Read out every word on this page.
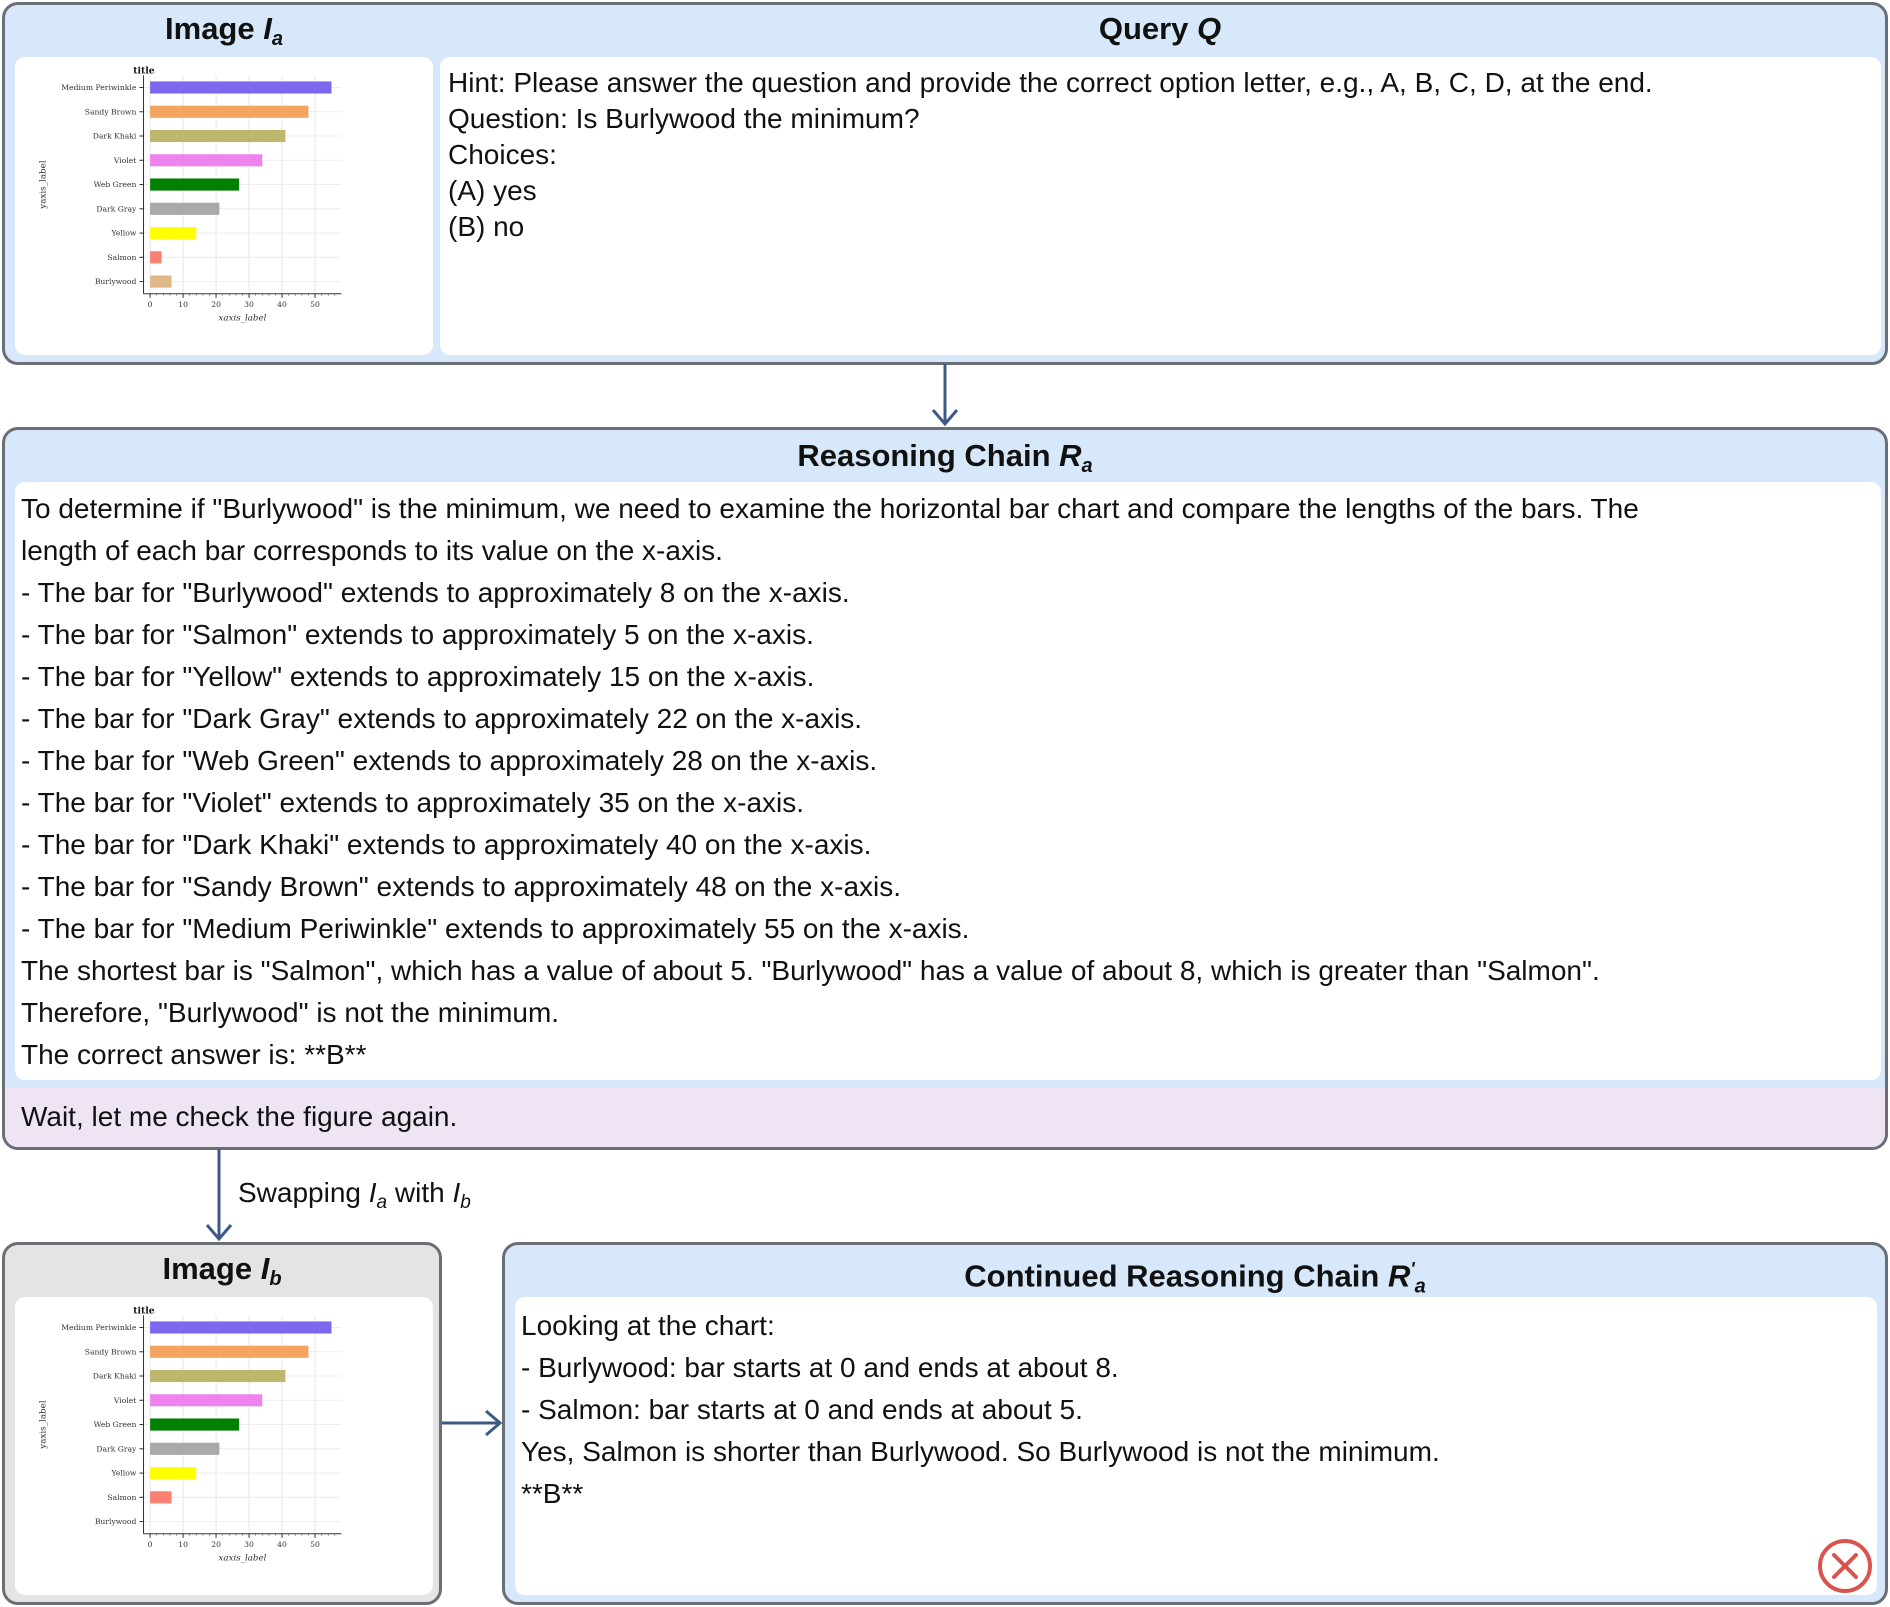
Image $I_a$	Query Q
Medium Periwinkle
Sandy Brown
Dark Khaki
Violet
Web Green
Dark Gray
Yellow
Salmon
Burlywood
0	10	20	30	40	50
title
xaxis_label
yaxis_label
Hint: Please answer the question and provide the correct option letter, e.g., A, B, C, D, at the end.
Question: Is Burlywood the minimum?
Choices:
(A) yes
(B) no
Reasoning Chain $R_a$
To determine if "Burlywood" is the minimum, we need to examine the horizontal bar chart and compare the lengths of the bars. The
length of each bar corresponds to its value on the x-axis.
- The bar for "Burlywood" extends to approximately 8 on the x-axis.
- The bar for "Salmon" extends to approximately 5 on the x-axis.
- The bar for "Yellow" extends to approximately 15 on the x-axis.
- The bar for "Dark Gray" extends to approximately 22 on the x-axis.
- The bar for "Web Green" extends to approximately 28 on the x-axis.
- The bar for "Violet" extends to approximately 35 on the x-axis.
- The bar for "Dark Khaki" extends to approximately 40 on the x-axis.
- The bar for "Sandy Brown" extends to approximately 48 on the x-axis.
- The bar for "Medium Periwinkle" extends to approximately 55 on the x-axis.
The shortest bar is "Salmon", which has a value of about 5. "Burlywood" has a value of about 8, which is greater than "Salmon".
Therefore, "Burlywood" is not the minimum.
The correct answer is: **B**
Wait, let me check the figure again.
Swapping $I_a$ with $I_b$
Image $I_b$
Medium Periwinkle
Sandy Brown
Dark Khaki
Violet
Web Green
Dark Gray
Yellow
Salmon
Burlywood
0	10	20	30	40	50
title
xaxis_label
yaxis_label
Continued Reasoning Chain $R'_a$
Looking at the chart:
- Burlywood: bar starts at 0 and ends at about 8.
- Salmon: bar starts at 0 and ends at about 5.
Yes, Salmon is shorter than Burlywood. So Burlywood is not the minimum.
**B**
